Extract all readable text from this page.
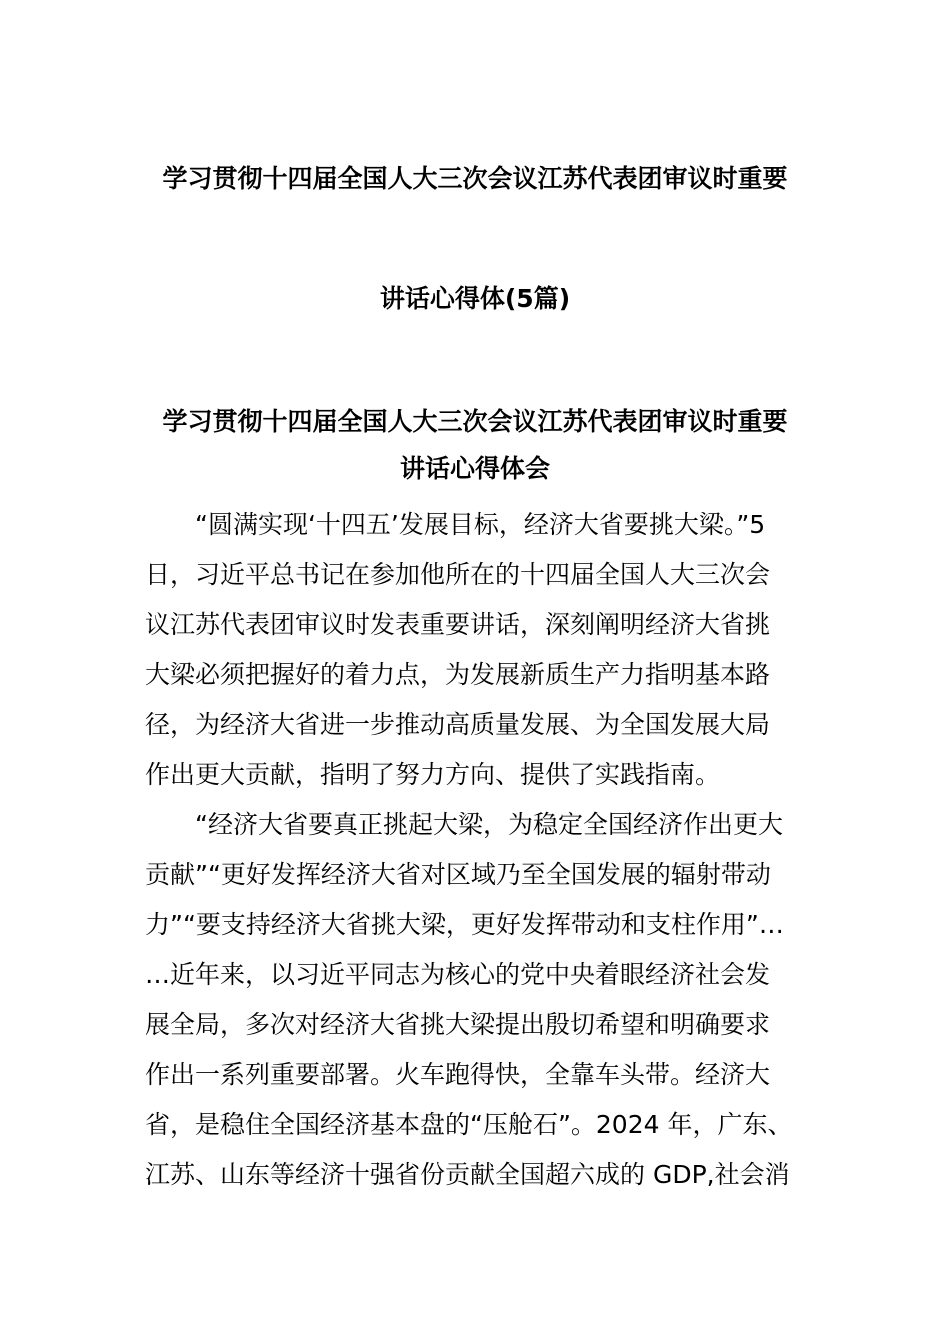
学习贯彻十四届全国人大三次会议江苏代表团审议时重要
讲话心得体(5篇)
学习贯彻十四届全国人大三次会议江苏代表团审议时重要
讲话心得体会
“圆满实现‘十四五’发展目标，经济大省要挑大梁。”5
日，习近平总书记在参加他所在的十四届全国人大三次会
议江苏代表团审议时发表重要讲话，深刻阐明经济大省挑
大梁必须把握好的着力点，为发展新质生产力指明基本路
径，为经济大省进一步推动高质量发展、为全国发展大局
作出更大贡献，指明了努力方向、提供了实践指南。
“经济大省要真正挑起大梁，为稳定全国经济作出更大
贡献”“更好发挥经济大省对区域乃至全国发展的辐射带动
力”“要支持经济大省挑大梁，更好发挥带动和支柱作用”…
…近年来，以习近平同志为核心的党中央着眼经济社会发
展全局，多次对经济大省挑大梁提出殷切希望和明确要求
作出一系列重要部署。火车跑得快，全靠车头带。经济大
省，是稳住全国经济基本盘的“压舱石”。2024 年，广东、
江苏、山东等经济十强省份贡献全国超六成的 GDP,社会消
